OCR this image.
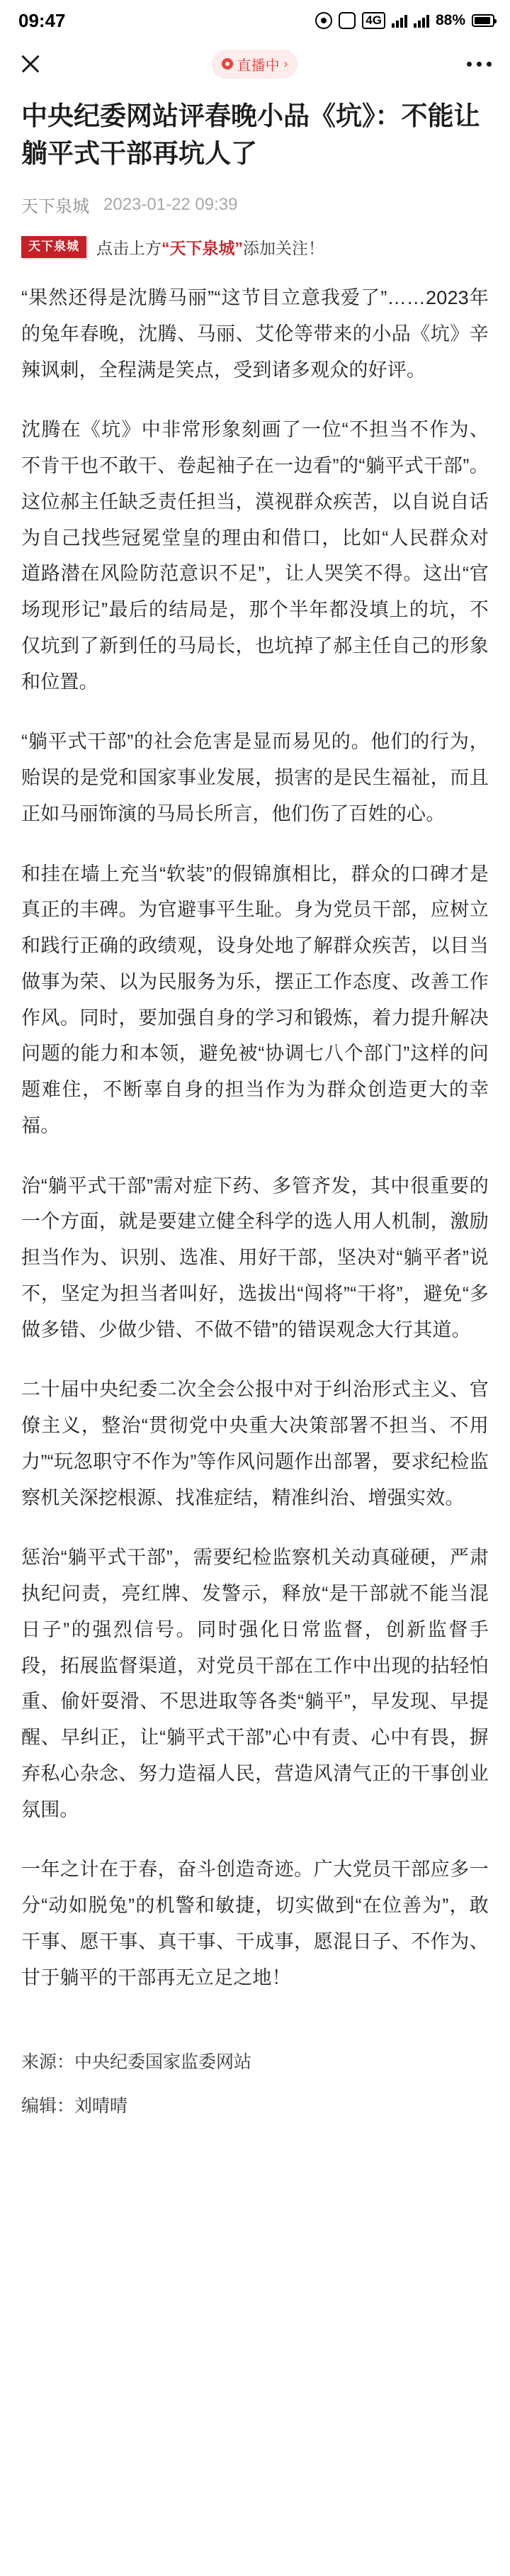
09:47	4G	88%
直播中 ›
中央纪委网站评春晚小品《坑》：不能让躺平式干部再坑人了
天下泉城 2023-01-22 09:39
天下泉城	点击上方“天下泉城”添加关注！

“果然还得是沈腾马丽”“这节目立意我爱了”……2023年的兔年春晚，沈腾、马丽、艾伦等带来的小品《坑》辛辣讽刺，全程满是笑点，受到诸多观众的好评。

沈腾在《坑》中非常形象刻画了一位“不担当不作为、不肯干也不敢干、卷起袖子在一边看”的“躺平式干部”。这位郝主任缺乏责任担当，漠视群众疾苦，以自说自话为自己找些冠冕堂皇的理由和借口，比如“人民群众对道路潜在风险防范意识不足”，让人哭笑不得。这出“官场现形记”最后的结局是，那个半年都没填上的坑，不仅坑到了新到任的马局长，也坑掉了郝主任自己的形象和位置。

“躺平式干部”的社会危害是显而易见的。他们的行为，贻误的是党和国家事业发展，损害的是民生福祉，而且正如马丽饰演的马局长所言，他们伤了百姓的心。

和挂在墙上充当“软装”的假锦旗相比，群众的口碑才是真正的丰碑。为官避事平生耻。身为党员干部，应树立和践行正确的政绩观，设身处地了解群众疾苦，以目当做事为荣、以为民服务为乐，摆正工作态度、改善工作作风。同时，要加强自身的学习和锻炼，着力提升解决问题的能力和本领，避免被“协调七八个部门”这样的问题难住，不断辜自身的担当作为为群众创造更大的幸福。

治“躺平式干部”需对症下药、多管齐发，其中很重要的一个方面，就是要建立健全科学的选人用人机制，激励担当作为、识别、选准、用好干部，坚决对“躺平者”说不，坚定为担当者叫好，选拔出“闯将”“干将”，避免“多做多错、少做少错、不做不错”的错误观念大行其道。

二十届中央纪委二次全会公报中对于纠治形式主义、官僚主义，整治“贯彻党中央重大决策部署不担当、不用力”“玩忽职守不作为”等作风问题作出部署，要求纪检监察机关深挖根源、找准症结，精准纠治、增强实效。

惩治“躺平式干部”，需要纪检监察机关动真碰硬，严肃执纪问责，亮红牌、发警示，释放“是干部就不能当混日子”的强烈信号。同时强化日常监督，创新监督手段，拓展监督渠道，对党员干部在工作中出现的拈轻怕重、偷奸耍滑、不思进取等各类“躺平”，早发现、早提醒、早纠正，让“躺平式干部”心中有责、心中有畏，摒弃私心杂念、努力造福人民，营造风清气正的干事创业氛围。

一年之计在于春，奋斗创造奇迹。广大党员干部应多一分“动如脱兔”的机警和敏捷，切实做到“在位善为”，敢干事、愿干事、真干事、干成事，愿混日子、不作为、甘于躺平的干部再无立足之地！

来源：中央纪委国家监委网站

编辑：刘晴晴
